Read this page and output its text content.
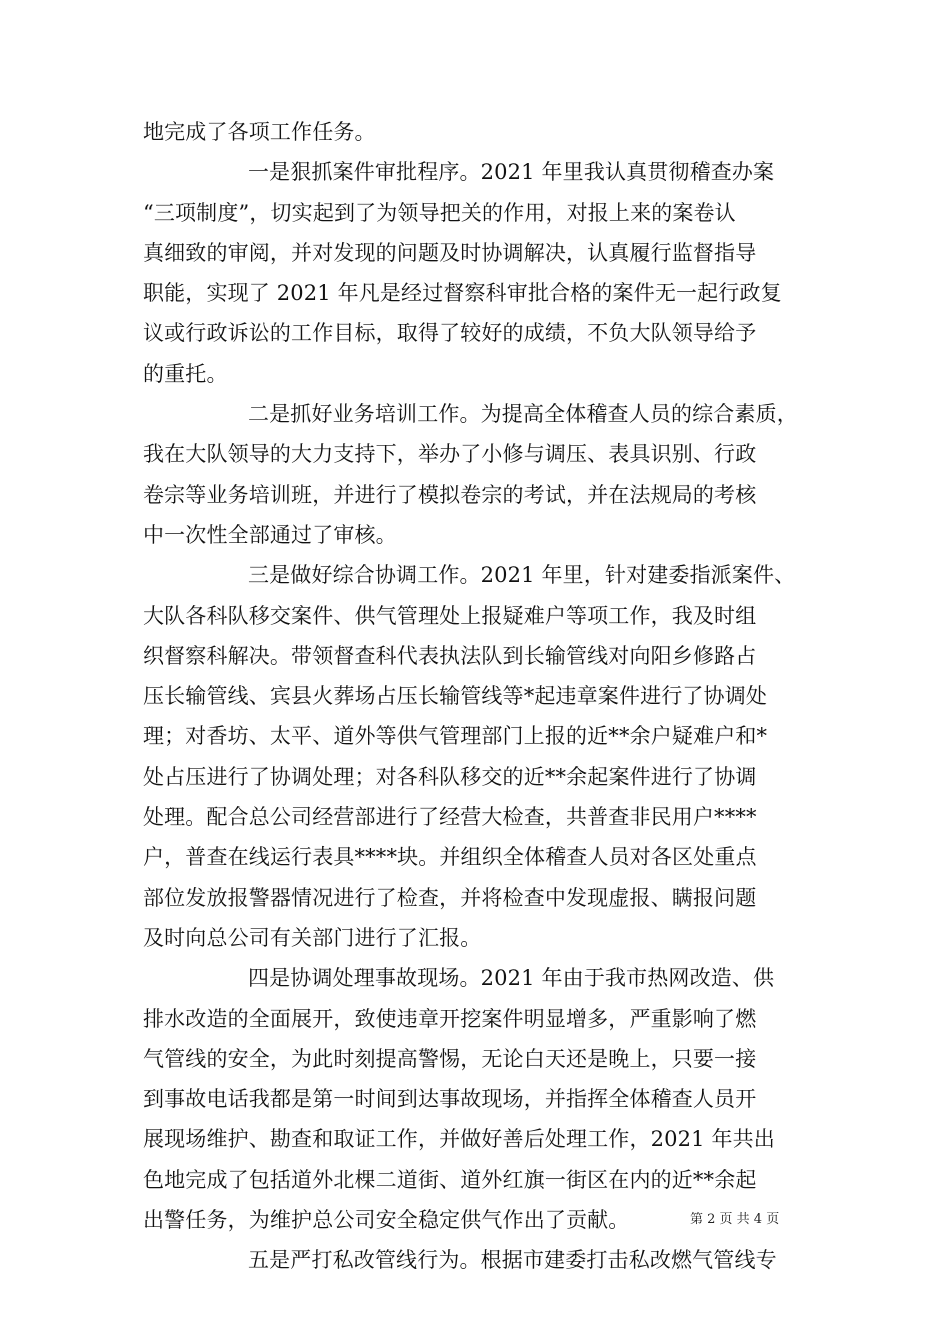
地完成了各项工作任务。
一是狠抓案件审批程序。2021 年里我认真贯彻稽查办案
“三项制度”，切实起到了为领导把关的作用，对报上来的案卷认
真细致的审阅，并对发现的问题及时协调解决，认真履行监督指导
职能，实现了 2021 年凡是经过督察科审批合格的案件无一起行政复
议或行政诉讼的工作目标，取得了较好的成绩，不负大队领导给予
的重托。
二是抓好业务培训工作。为提高全体稽查人员的综合素质，
我在大队领导的大力支持下，举办了小修与调压、表具识别、行政
卷宗等业务培训班，并进行了模拟卷宗的考试，并在法规局的考核
中一次性全部通过了审核。
三是做好综合协调工作。2021 年里，针对建委指派案件、
大队各科队移交案件、供气管理处上报疑难户等项工作，我及时组
织督察科解决。带领督查科代表执法队到长输管线对向阳乡修路占
压长输管线、宾县火葬场占压长输管线等*起违章案件进行了协调处
理；对香坊、太平、道外等供气管理部门上报的近**余户疑难户和*
处占压进行了协调处理；对各科队移交的近**余起案件进行了协调
处理。配合总公司经营部进行了经营大检查，共普查非民用户****
户，普查在线运行表具****块。并组织全体稽查人员对各区处重点
部位发放报警器情况进行了检查，并将检查中发现虚报、瞒报问题
及时向总公司有关部门进行了汇报。
四是协调处理事故现场。2021 年由于我市热网改造、供
排水改造的全面展开，致使违章开挖案件明显增多，严重影响了燃
气管线的安全，为此时刻提高警惕，无论白天还是晚上，只要一接
到事故电话我都是第一时间到达事故现场，并指挥全体稽查人员开
展现场维护、勘查和取证工作，并做好善后处理工作，2021 年共出
色地完成了包括道外北棵二道街、道外红旗一街区在内的近**余起
出警任务，为维护总公司安全稳定供气作出了贡献。
五是严打私改管线行为。根据市建委打击私改燃气管线专
第 2 页 共 4 页
